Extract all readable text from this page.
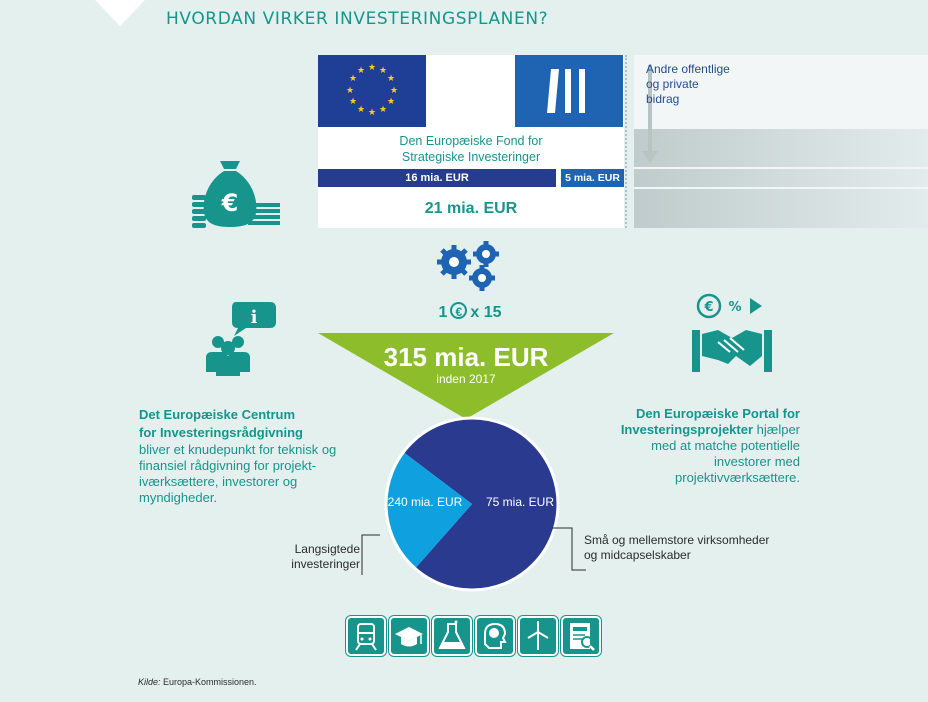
HVORDAN VIRKER INVESTERINGSPLANEN?
★ ★
★
★
★
★
★
★
★
★
★
★
Den Europæiske Fond for
Strategiske Investeringer
16 mia. EUR	5 mia. EUR
21 mia. EUR
Andre offentlige
og private
bidrag
€
1 € x 15
315 mia. EUR
inden 2017
i	€ %
Det Europæiske Centrum
for Investeringsrådgivning
bliver et knudepunkt for teknisk og
finansiel rådgivning for projekt-
iværksættere, investorer og
myndigheder.
Den Europæiske Portal for
Investeringsprojekter hjælper
med at matche potentielle
investorer med
projektivværksættere.
240 mia. EUR 75 mia. EUR
Langsigtede
investeringer
Små og mellemstore virksomheder
og midcapselskaber
Kilde: Europa-Kommissionen.
